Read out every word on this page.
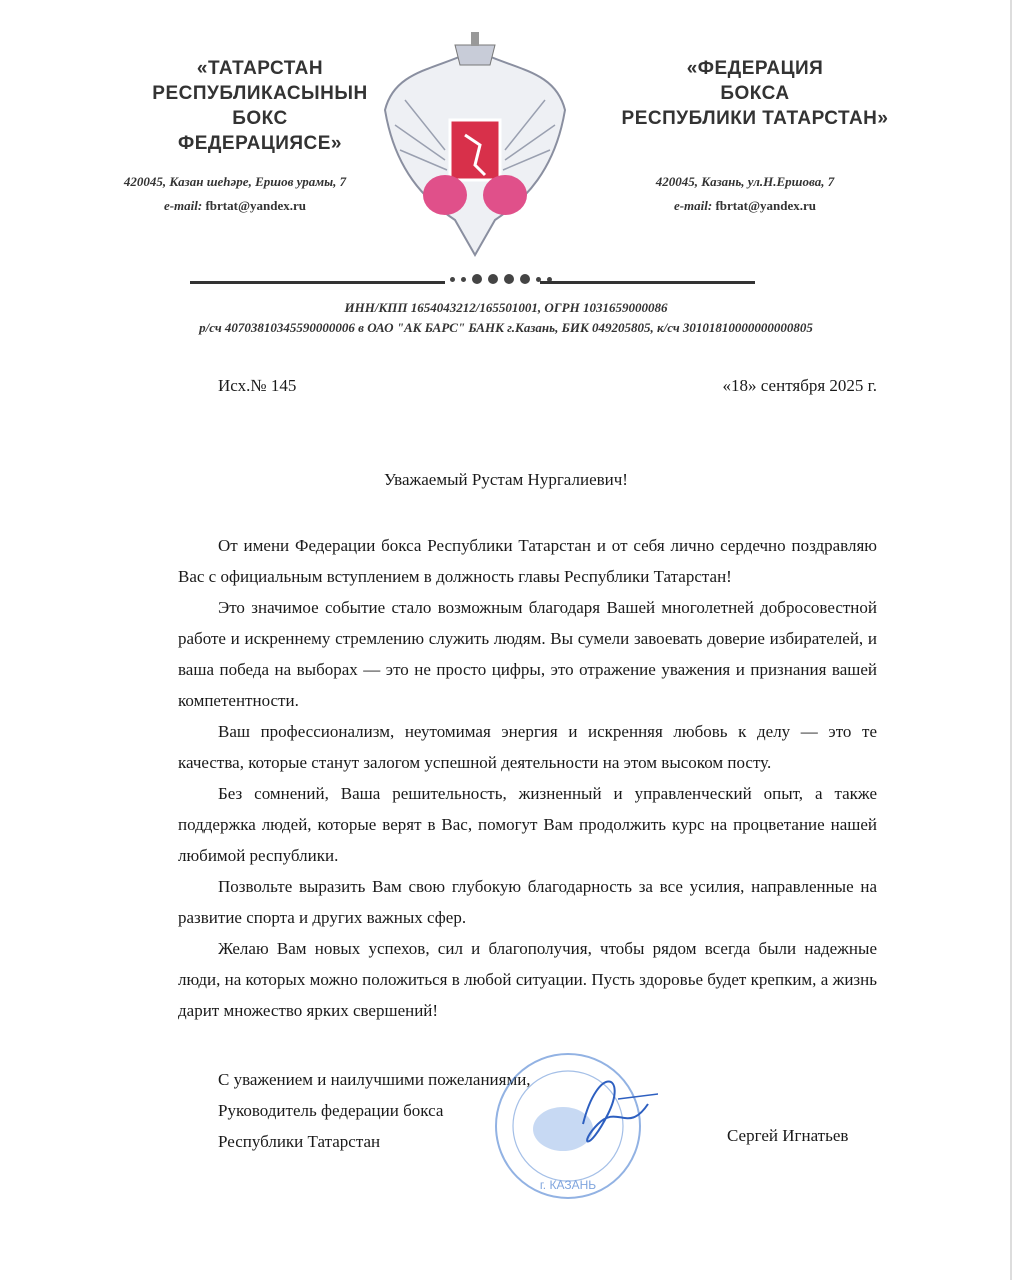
«ТАТАРСТАН
РЕСПУБЛИКАСЫНЫН
БОКС ФЕДЕРАЦИЯСЕ»
«ФЕДЕРАЦИЯ
БОКСА
РЕСПУБЛИКИ ТАТАРСТАН»
420045, Казан шеһәре, Ершов урамы, 7
e-mail: fbrtat@yandex.ru
420045, Казань, ул.Н.Ершова, 7
e-mail: fbrtat@yandex.ru
ИНН/КПП 1654043212/165501001, ОГРН 1031659000086
р/сч 40703810345590000006 в ОАО "АК БАРС" БАНК г.Казань, БИК 049205805, к/сч 30101810000000000805
Исх.№ 145	«18» сентября 2025 г.
Уважаемый Рустам Нургалиевич!

От имени Федерации бокса Республики Татарстан и от себя лично сердечно поздравляю Вас с официальным вступлением в должность главы Республики Татарстан!

Это значимое событие стало возможным благодаря Вашей многолетней добросовестной работе и искреннему стремлению служить людям. Вы сумели завоевать доверие избирателей, и ваша победа на выборах — это не просто цифры, это отражение уважения и признания вашей компетентности.

Ваш профессионализм, неутомимая энергия и искренняя любовь к делу — это те качества, которые станут залогом успешной деятельности на этом высоком посту.

Без сомнений, Ваша решительность, жизненный и управленческий опыт, а также поддержка людей, которые верят в Вас, помогут Вам продолжить курс на процветание нашей любимой республики.

Позвольте выразить Вам свою глубокую благодарность за все усилия, направленные на развитие спорта и других важных сфер.

Желаю Вам новых успехов, сил и благополучия, чтобы рядом всегда были надежные люди, на которых можно положиться в любой ситуации. Пусть здоровье будет крепким, а жизнь дарит множество ярких свершений!

С уважением и наилучшими пожеланиями,
Руководитель федерации бокса
Республики Татарстан
г. КАЗАНЬ
Сергей Игнатьев
